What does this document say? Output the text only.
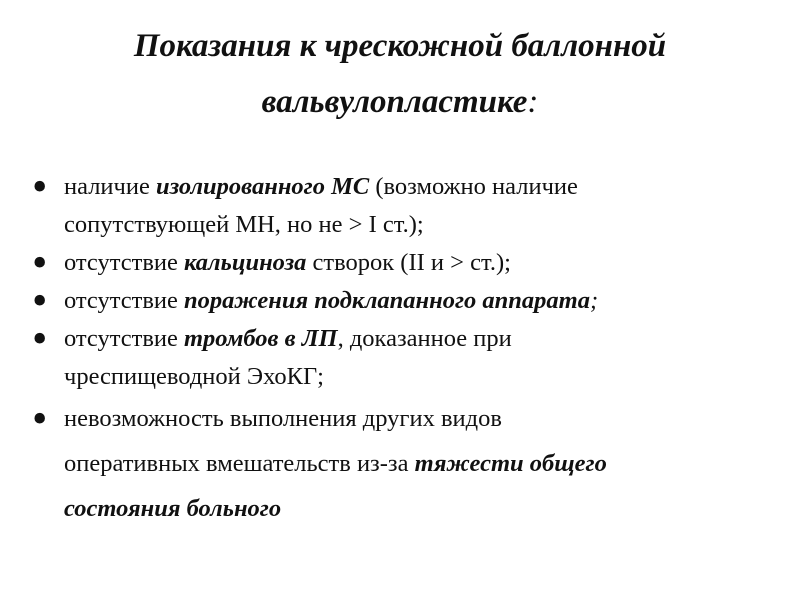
Показания к чрескожной баллонной
вальвулопластике:
• наличие изолированного МС (возможно наличие
сопутствующей МН, но не > I ст.);
• отсутствие кальциноза створок (II и > ст.);
• отсутствие поражения подклапанного аппарата;
• отсутствие тромбов в ЛП, доказанное при
чреспищеводной ЭхоКГ;
• невозможность выполнения других видов
оперативных вмешательств из-за тяжести общего
состояния больного
